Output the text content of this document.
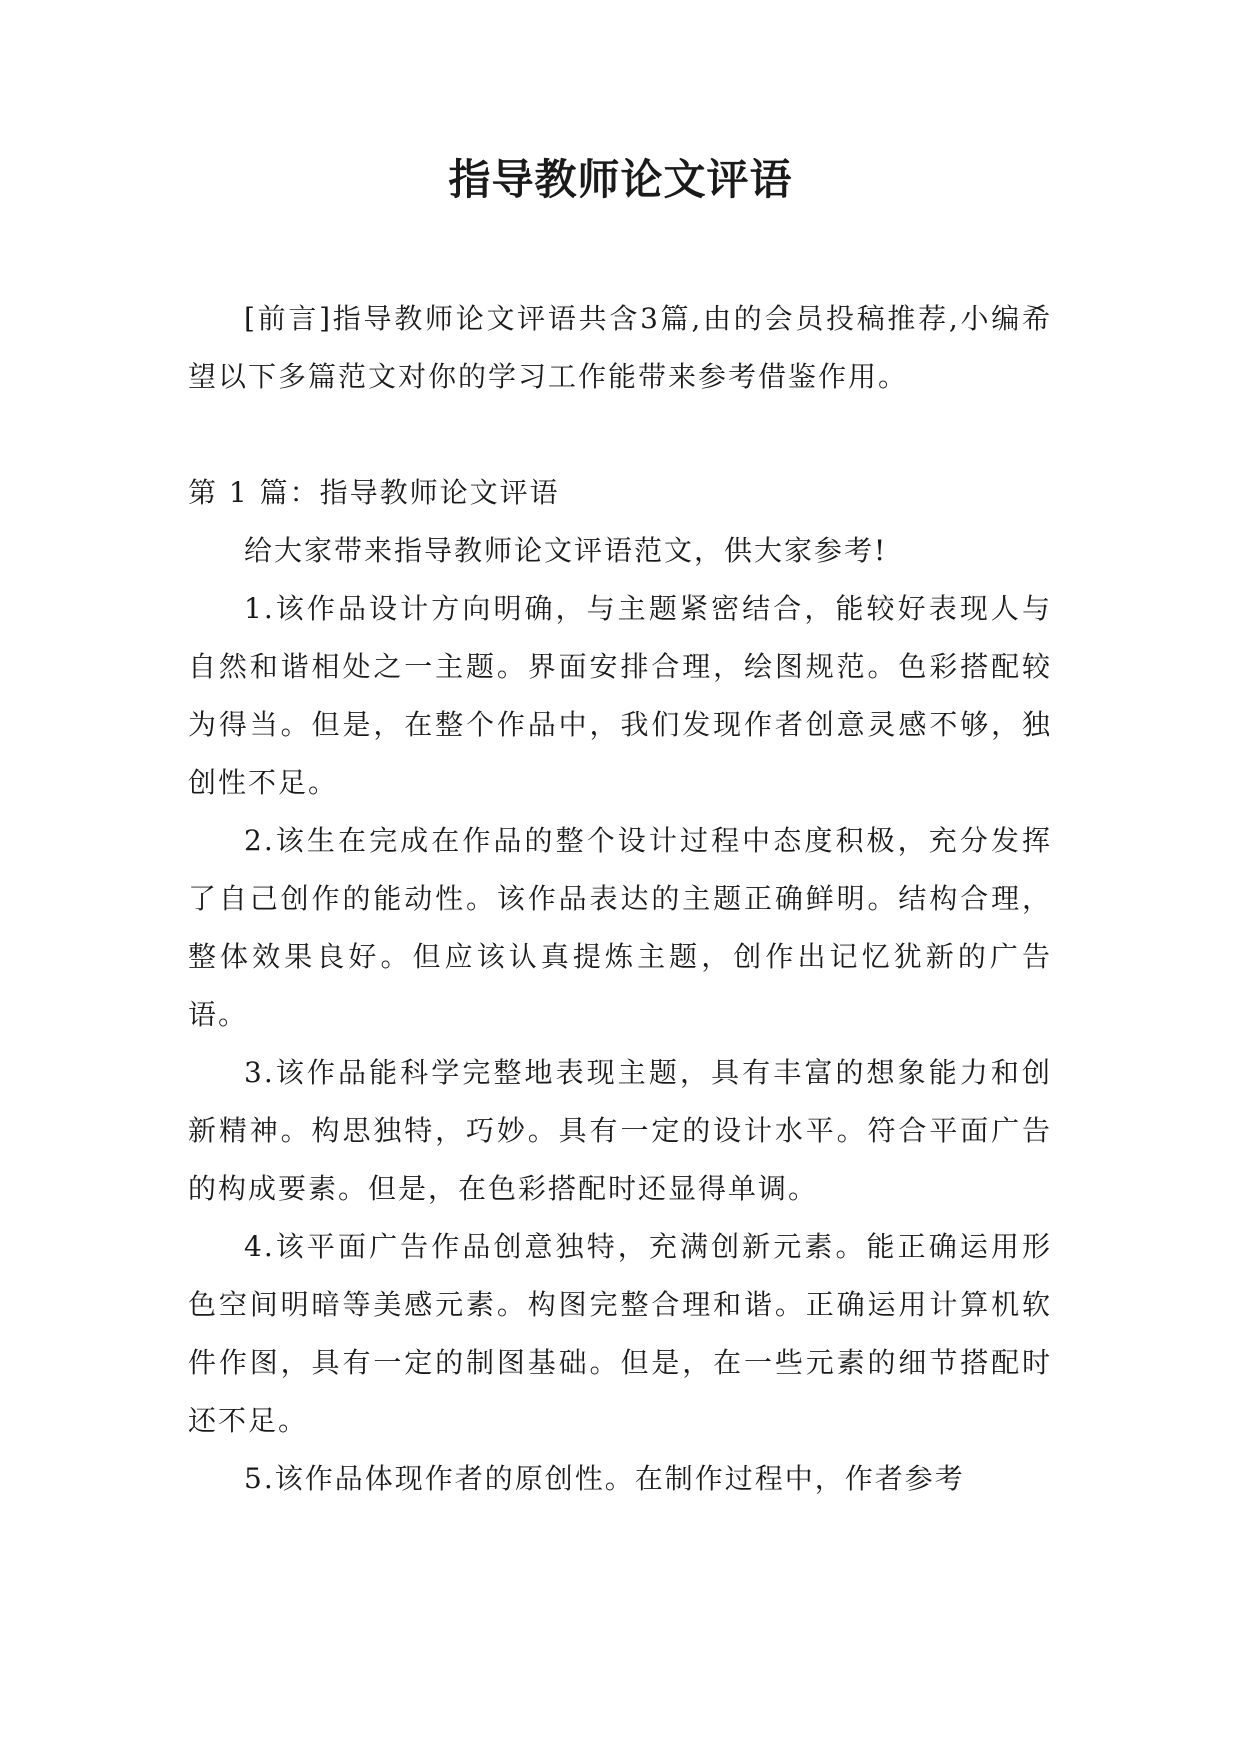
指导教师论文评语

[前言]指导教师论文评语共含3篇,由的会员投稿推荐,小编希望以下多篇范文对你的学习工作能带来参考借鉴作用。

第 1 篇：指导教师论文评语

给大家带来指导教师论文评语范文，供大家参考!

1.该作品设计方向明确，与主题紧密结合，能较好表现人与自然和谐相处之一主题。界面安排合理，绘图规范。色彩搭配较为得当。但是，在整个作品中，我们发现作者创意灵感不够，独创性不足。

2.该生在完成在作品的整个设计过程中态度积极，充分发挥了自己创作的能动性。该作品表达的主题正确鲜明。结构合理，整体效果良好。但应该认真提炼主题，创作出记忆犹新的广告语。

3.该作品能科学完整地表现主题，具有丰富的想象能力和创新精神。构思独特，巧妙。具有一定的设计水平。符合平面广告的构成要素。但是，在色彩搭配时还显得单调。

4.该平面广告作品创意独特，充满创新元素。能正确运用形色空间明暗等美感元素。构图完整合理和谐。正确运用计算机软件作图，具有一定的制图基础。但是，在一些元素的细节搭配时还不足。

5.该作品体现作者的原创性。在制作过程中，作者参考
